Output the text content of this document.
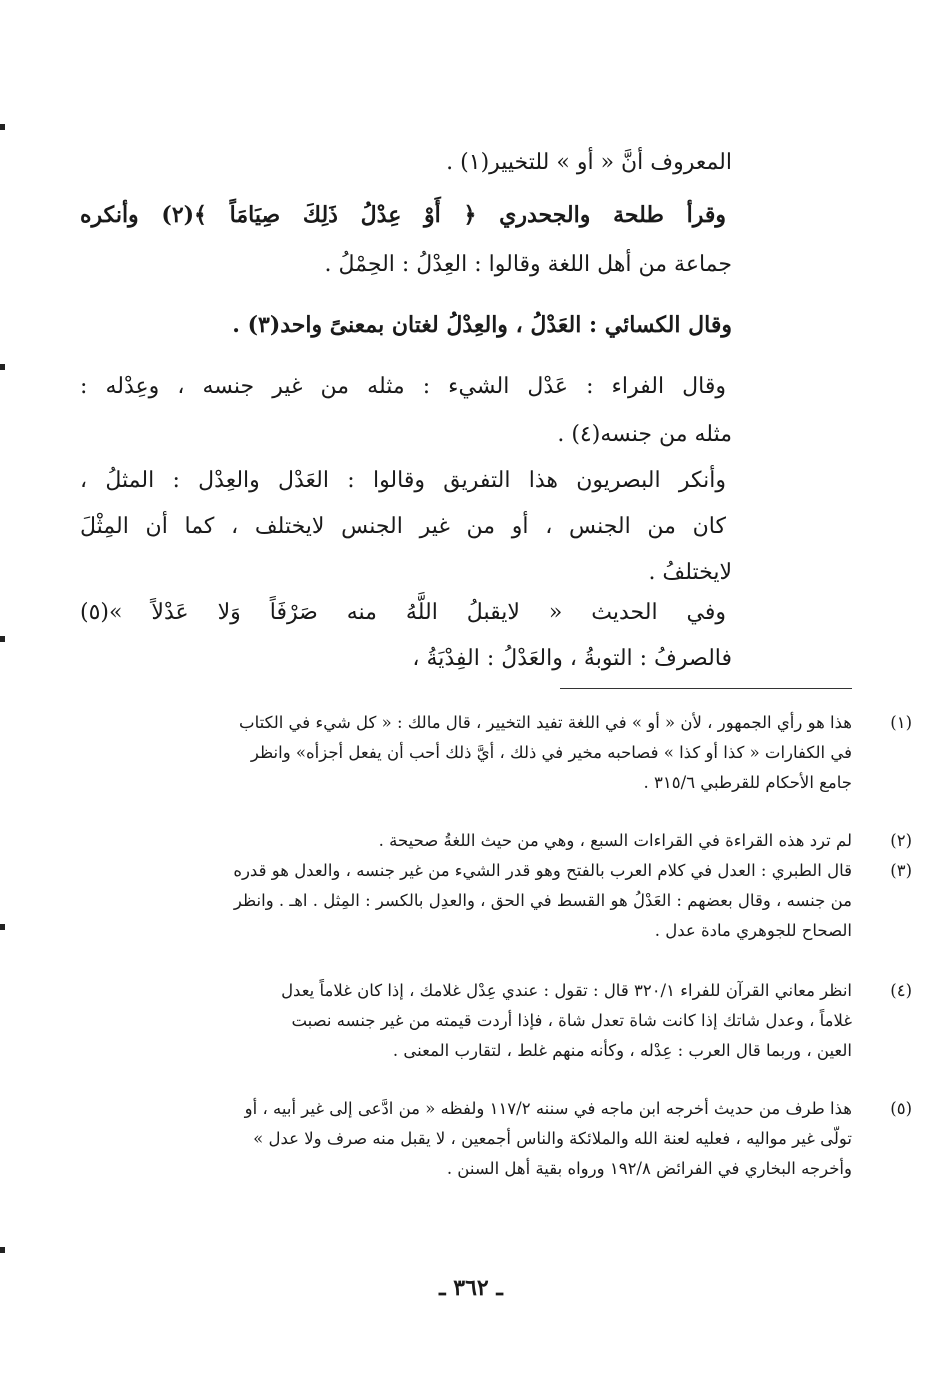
المعروف أنَّ « أو » للتخيير(١) .
وقرأ طلحة والجحدري ﴿ أَوْ عِدْلُ ذَلِكَ صِيَامَاً ﴾(٢) وأنكره
جماعة من أهل اللغة وقالوا : العِدْلُ : الحِمْلُ .
وقال الكسائي : العَدْلُ ، والعِدْلُ لغتان بمعنىً واحد(٣) .
وقال الفراء : عَدْل الشيء : مثله من غير جنسه ، وعِدْله :
مثله من جنسه(٤) .
وأنكر البصريون هذا التفريق وقالوا : العَدْل والعِدْل : المثلُ ،
كان من الجنس ، أو من غير الجنس لايختلف ، كما أن المِثْلَ
لايختلفُ .
وفي الحديث « لايقبلُ اللَّهُ منه صَرْفَاً وَلا عَدْلاً »(٥)
فالصرفُ : التوبةُ ، والعَدْلُ : الفِدْيَةُ ،
(١)

هذا هو رأي الجمهور ، لأن « أو » في اللغة تفيد التخيير ، قال مالك : « كل شيء في الكتاب

في الكفارات « كذا أو كذا » فصاحبه مخير في ذلك ، أيَّ ذلك أحب أن يفعل أجزأه» وانظر

جامع الأحكام للقرطبي ٣١٥/٦ .

(٢)

لم ترد هذه القراءة في القراءات السبع ، وهي من حيث اللغةُ صحيحة .

(٣)

قال الطبري : العدل في كلام العرب بالفتح وهو قدر الشيء من غير جنسه ، والعدل هو قدره

من جنسه ، وقال بعضهم : العَدْلُ هو القسط في الحق ، والعدِل بالكسر : المِثل . اهـ . وانظر

الصحاح للجوهري مادة عدل .

(٤)

انظر معاني القرآن للفراء ٣٢٠/١ قال : تقول : عندي عِدْل غلامك ، إذا كان غلاماً يعدل

غلاماً ، وعدل شاتك إذا كانت شاة تعدل شاة ، فإذا أردت قيمته من غير جنسه نصبت

العين ، وربما قال العرب : عِدْله ، وكأنه منهم غلط ، لتقارب المعنى .

(٥)

هذا طرف من حديث أخرجه ابن ماجه في سننه ١١٧/٢ ولفظه « من ادَّعى إلى غير أبيه ، أو

تولّى غير مواليه ، فعليه لعنة الله والملائكة والناس أجمعين ، لا يقبل منه صرف ولا عدل »

وأخرجه البخاري في الفرائض ١٩٢/٨ ورواه بقية أهل السنن .

ـ ٣٦٢ ـ
